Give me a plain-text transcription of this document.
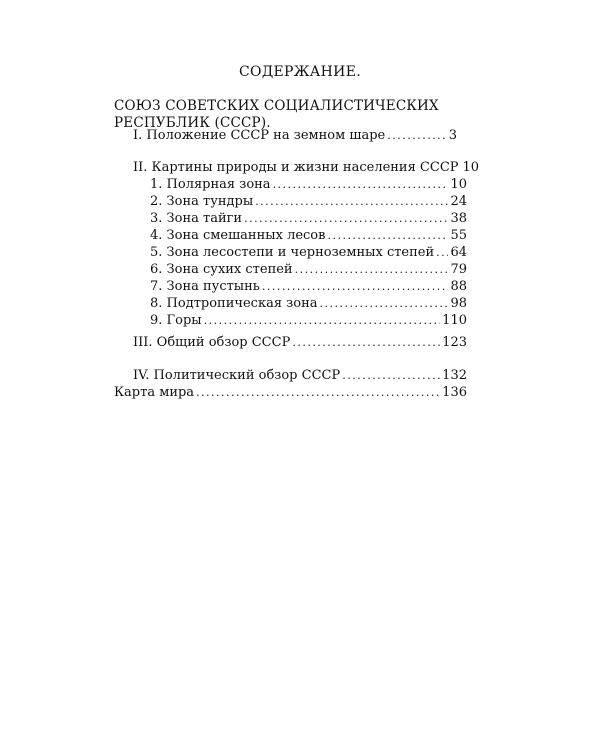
СОДЕРЖАНИЕ.
СОЮЗ СОВЕТСКИХ СОЦИАЛИСТИЧЕСКИХ
РЕСПУБЛИК (СССР).
I. Положение СССР на земном шаре .....	3
II. Картины природы и жизни населения СССР 10
1. Полярная зона .....	10
2. Зона тундры .....	24
3. Зона тайги .....	38
4. Зона смешанных лесов .....	55
5. Зона лесостепи и черноземных степей ..... 64
6. Зона сухих степей .....	79
7. Зона пустынь .....	88
8. Подтропическая зона .....	98
9. Горы .....	110
III. Общий обзор СССР .....	123
IV. Политический обзор СССР .....	132
Карта мира .....	136
